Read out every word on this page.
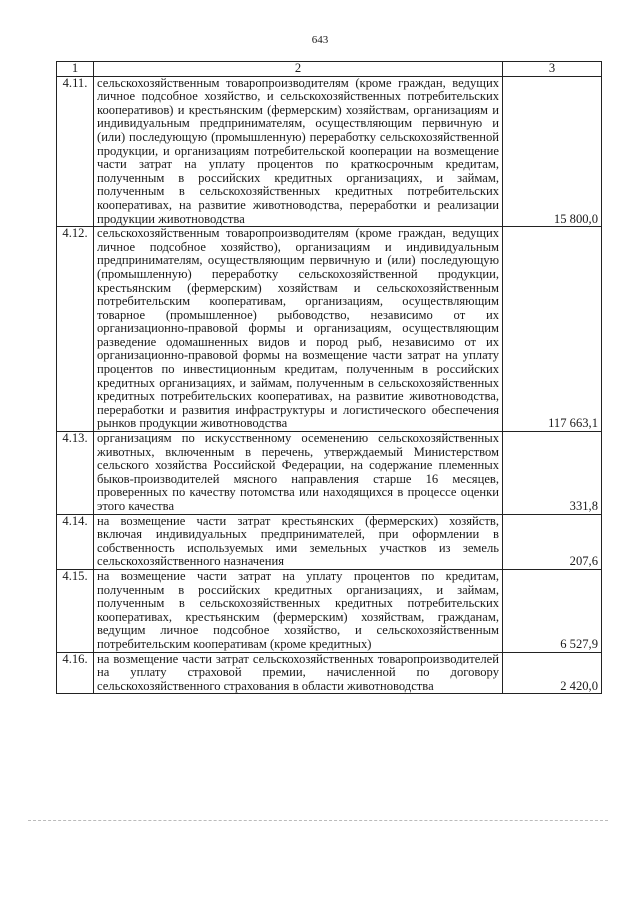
643
1	2	3
4.11.	сельскохозяйственным товаропроизводителям (кроме граждан, ведущих личное подсобное хозяйство, и сельскохозяйственных потребительских кооперативов) и крестьянским (фермерским) хозяйствам, организациям и индивидуальным предпринимателям, осуществляющим первичную и (или) последующую (промышленную) переработку сельскохозяйственной продукции, и организациям потребительской кооперации на возмещение части затрат на уплату процентов по краткосрочным кредитам, полученным в российских кредитных организациях, и займам, полученным в сельскохозяйственных кредитных потребительских кооперативах, на развитие животноводства, переработки и реализации продукции животноводства	15 800,0
4.12.	сельскохозяйственным товаропроизводителям (кроме граждан, ведущих личное подсобное хозяйство), организациям и индивидуальным предпринимателям, осуществляющим первичную и (или) последующую (промышленную) переработку сельскохозяйственной продукции, крестьянским (фермерским) хозяйствам и сельскохозяйственным потребительским кооперативам, организациям, осуществляющим товарное (промышленное) рыбоводство, независимо от их организационно-правовой формы и организациям, осуществляющим разведение одомашненных видов и пород рыб, независимо от их организационно-правовой формы на возмещение части затрат на уплату процентов по инвестиционным кредитам, полученным в российских кредитных организациях, и займам, полученным в сельскохозяйственных кредитных потребительских кооперативах, на развитие животноводства, переработки и развития инфраструктуры и логистического обеспечения рынков продукции животноводства	117 663,1
4.13.	организациям по искусственному осеменению сельскохозяйственных животных, включенным в перечень, утверждаемый Министерством сельского хозяйства Российской Федерации, на содержание племенных быков-производителей мясного направления старше 16 месяцев, проверенных по качеству потомства или находящихся в процессе оценки этого качества	331,8
4.14.	на возмещение части затрат крестьянских (фермерских) хозяйств, включая индивидуальных предпринимателей, при оформлении в собственность используемых ими земельных участков из земель сельскохозяйственного назначения	207,6
4.15.	на возмещение части затрат на уплату процентов по кредитам, полученным в российских кредитных организациях, и займам, полученным в сельскохозяйственных кредитных потребительских кооперативах, крестьянским (фермерским) хозяйствам, гражданам, ведущим личное подсобное хозяйство, и сельскохозяйственным потребительским кооперативам (кроме кредитных)	6 527,9
4.16.	на возмещение части затрат сельскохозяйственных товаропроизводителей на уплату страховой премии, начисленной по договору сельскохозяйственного страхования в области животноводства	2 420,0
